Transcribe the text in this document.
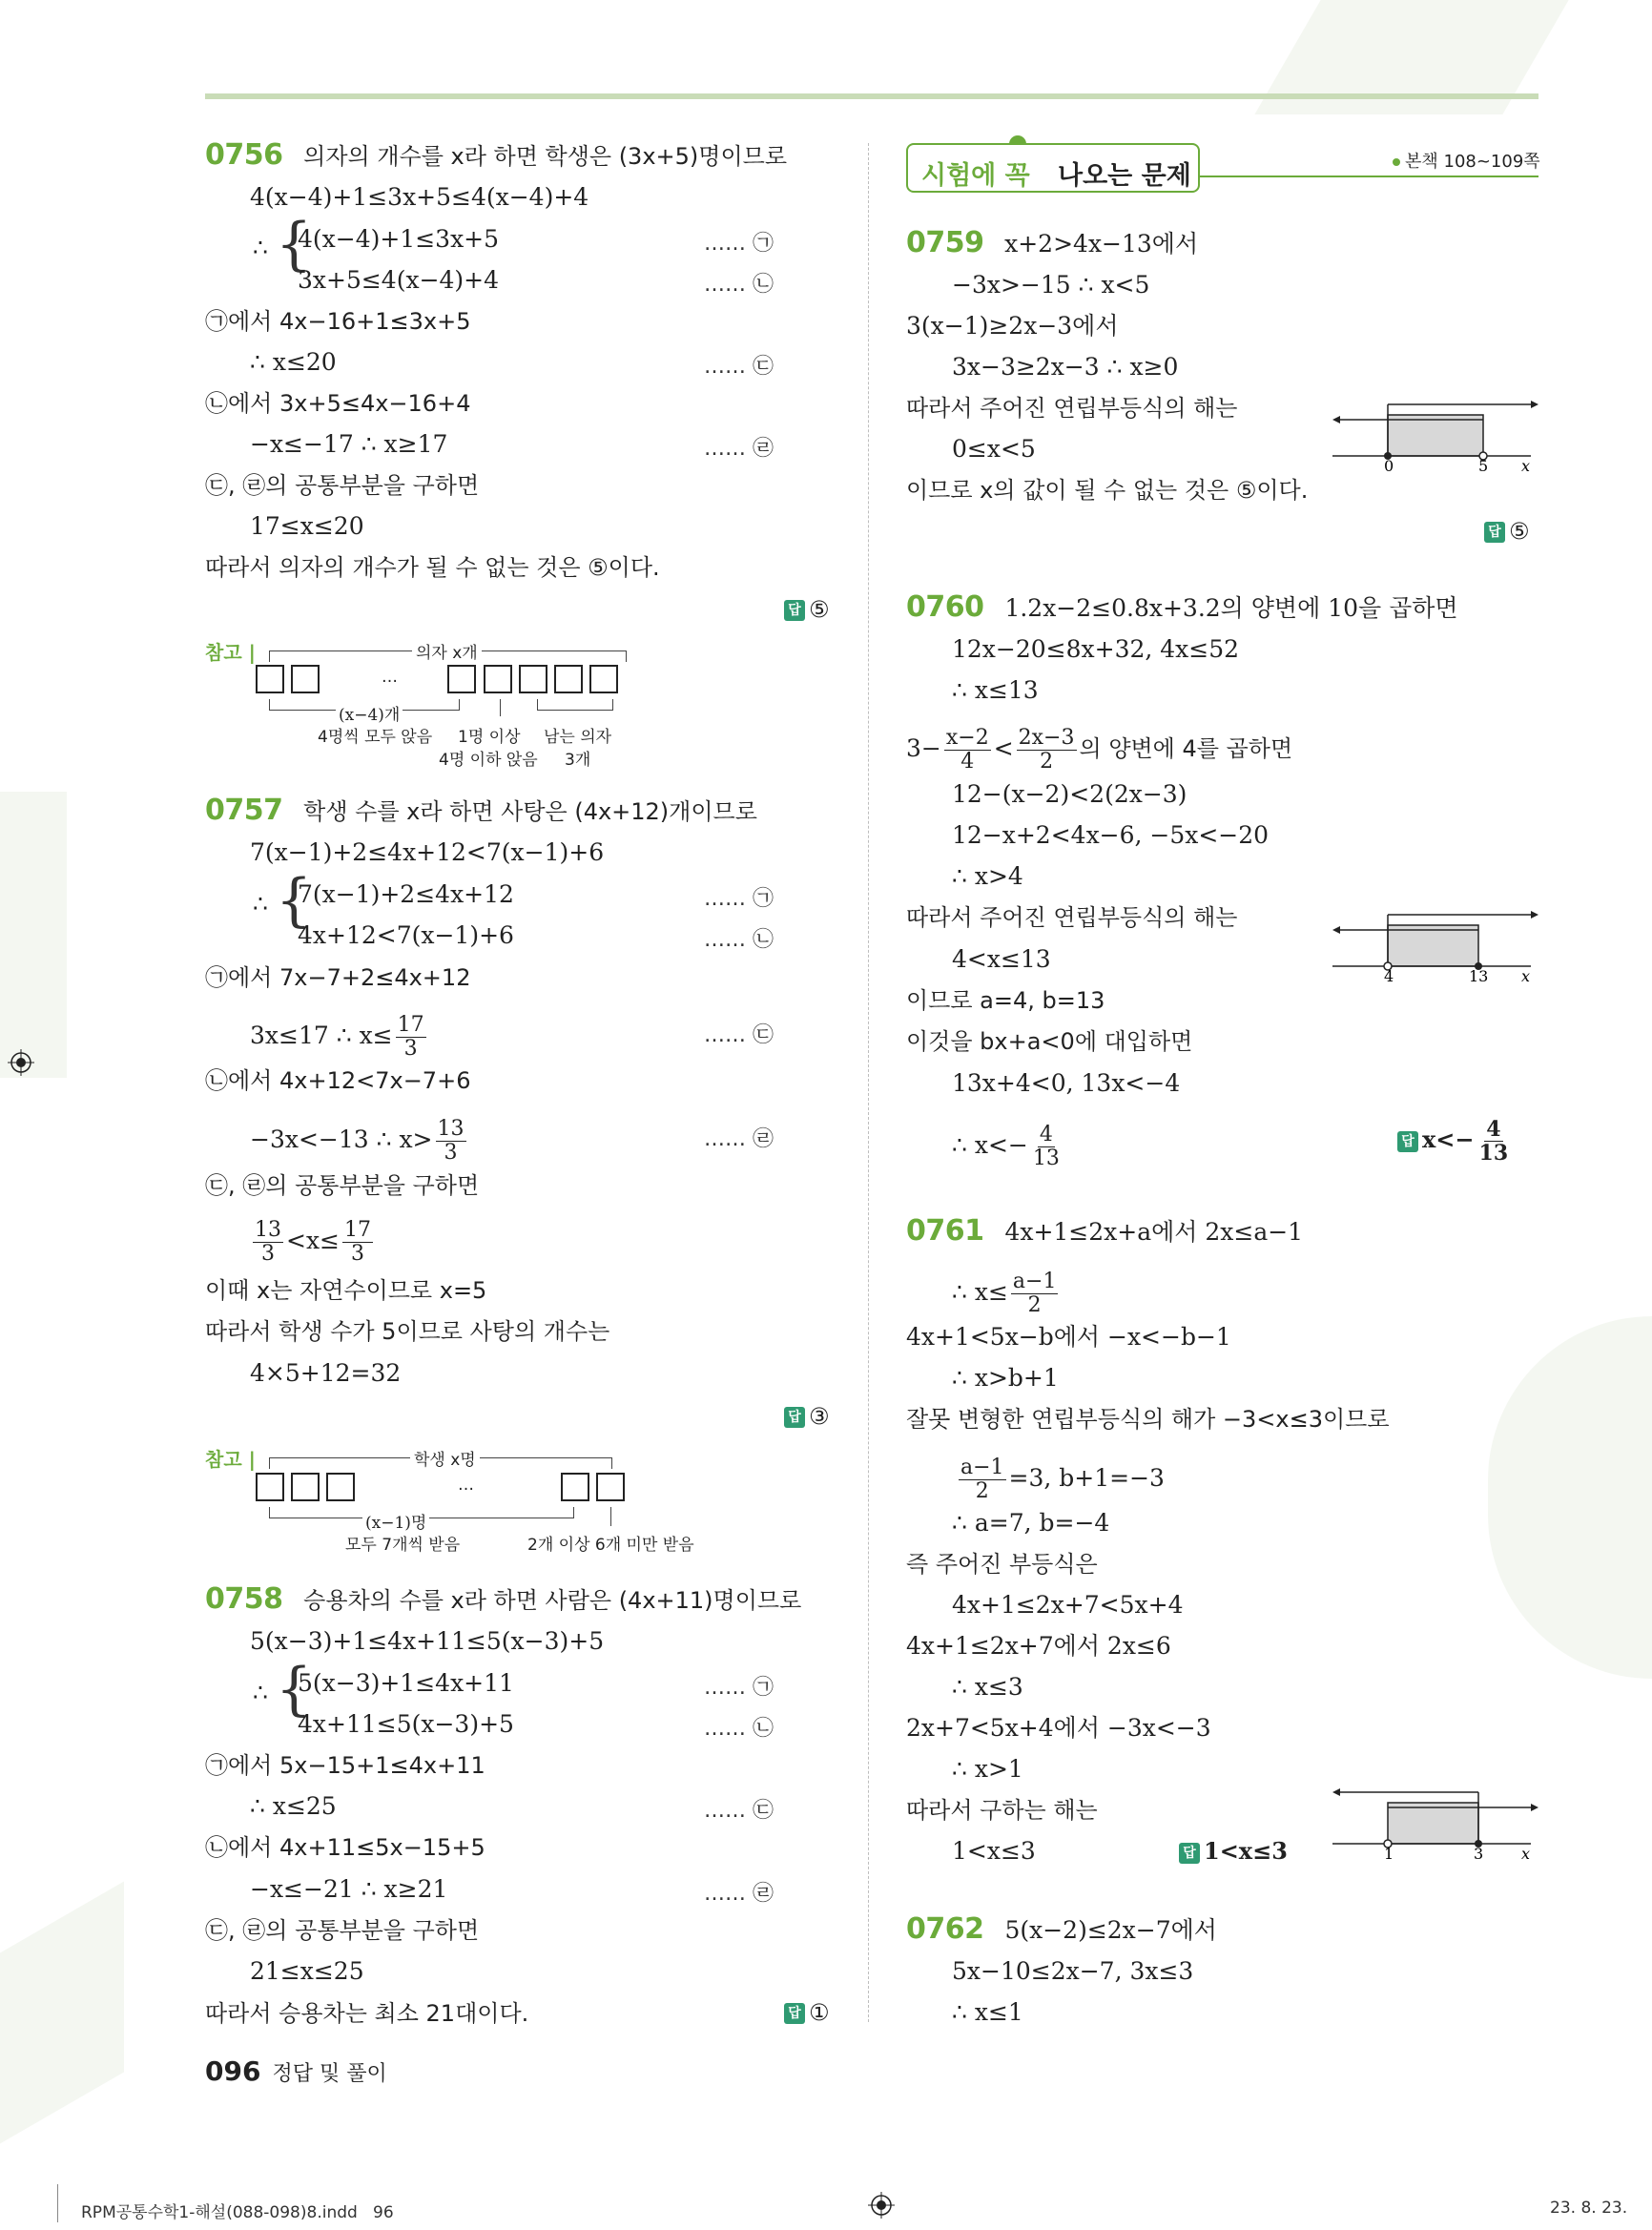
0756 의자의 개수를 x라 하면 학생은 (3x+5)명이므로
4(x−4)+1≤3x+5≤4(x−4)+4
∴ {
4(x−4)+1≤3x+5
3x+5≤4(x−4)+4
…… ㉠
…… ㉡
㉠에서 4x−16+1≤3x+5
∴ x≤20	…… ㉢
㉡에서 3x+5≤4x−16+4
−x≤−17 ∴ x≥17	…… ㉣
㉢, ㉣의 공통부분을 구하면
17≤x≤20
따라서 의자의 개수가 될 수 없는 것은 ⑤이다.
답 ⑤
참고 |	의자 x개
…
(x−4)개
4명씩 모두 앉음 1명 이상
4명 이하 앉음
남는 의자
3개
0757 학생 수를 x라 하면 사탕은 (4x+12)개이므로
7(x−1)+2≤4x+12<7(x−1)+6
∴ {
7(x−1)+2≤4x+12
4x+12<7(x−1)+6
…… ㉠
…… ㉡
㉠에서 7x−7+2≤4x+12
3x≤17 ∴ $x\le \frac{17}{3}$	…… ㉢
㉡에서 4x+12<7x−7+6
−3x<−13 ∴ $x> \frac{13}{3}$	…… ㉣
㉢, ㉣의 공통부분을 구하면
$\frac{13}{3} <x\le \frac{17}{3}$
이때 x는 자연수이므로 x=5
따라서 학생 수가 5이므로 사탕의 개수는
4×5+12=32
답 ③
참고 |	학생 x명
…
(x−1)명
모두 7개씩 받음	2개 이상 6개 미만 받음
0758 승용차의 수를 x라 하면 사람은 (4x+11)명이므로
5(x−3)+1≤4x+11≤5(x−3)+5
∴ {
5(x−3)+1≤4x+11
4x+11≤5(x−3)+5
…… ㉠
…… ㉡
㉠에서 5x−15+1≤4x+11
∴ x≤25	…… ㉢
㉡에서 4x+11≤5x−15+5
−x≤−21 ∴ x≥21	…… ㉣
㉢, ㉣의 공통부분을 구하면
21≤x≤25
따라서 승용차는 최소 21대이다.	답 ①
시험에 꼭 나오는 문제	본책 108~109쪽
0759 x+2>4x−13에서
−3x>−15 ∴ x<5
3(x−1)≥2x−3에서
3x−3≥2x−3 ∴ x≥0
따라서 주어진 연립부등식의 해는
0≤x<5
이므로 x의 값이 될 수 없는 것은 ⑤이다.
0	5 x
답 ⑤
0760 1.2x−2≤0.8x+3.2의 양변에 10을 곱하면
12x−20≤8x+32, 4x≤52
∴ x≤13
$3- \frac{x-2}{4} < \frac{2x-3}{2}$ 의 양변에 4를 곱하면
12−(x−2)<2(2x−3)
12−x+2<4x−6, −5x<−20
∴ x>4
따라서 주어진 연립부등식의 해는
4<x≤13
이므로 a=4, b=13
이것을 bx+a<0에 대입하면
13x+4<0, 13x<−4
∴ $x<- \frac{4}{13}$
4	13 x
답 $x<- \frac{4}{13}$
0761 4x+1≤2x+a에서 2x≤a−1
∴ $x\le \frac{a-1}{2}$
4x+1<5x−b에서 −x<−b−1
∴ x>b+1
잘못 변형한 연립부등식의 해가 −3<x≤3이므로
$\frac{a-1}{2} =3$, b+1=−3
∴ a=7, b=−4
즉 주어진 부등식은
4x+1≤2x+7<5x+4
4x+1≤2x+7에서 2x≤6
∴ x≤3
2x+7<5x+4에서 −3x<−3
∴ x>1
따라서 구하는 해는
1<x≤3	답 1<x≤3	1	3 x
0762 5(x−2)≤2x−7에서
5x−10≤2x−7, 3x≤3
∴ x≤1
096 정답 및 풀이
RPM공통수학1-해설(088-098)8.indd 96	23. 8. 23.
